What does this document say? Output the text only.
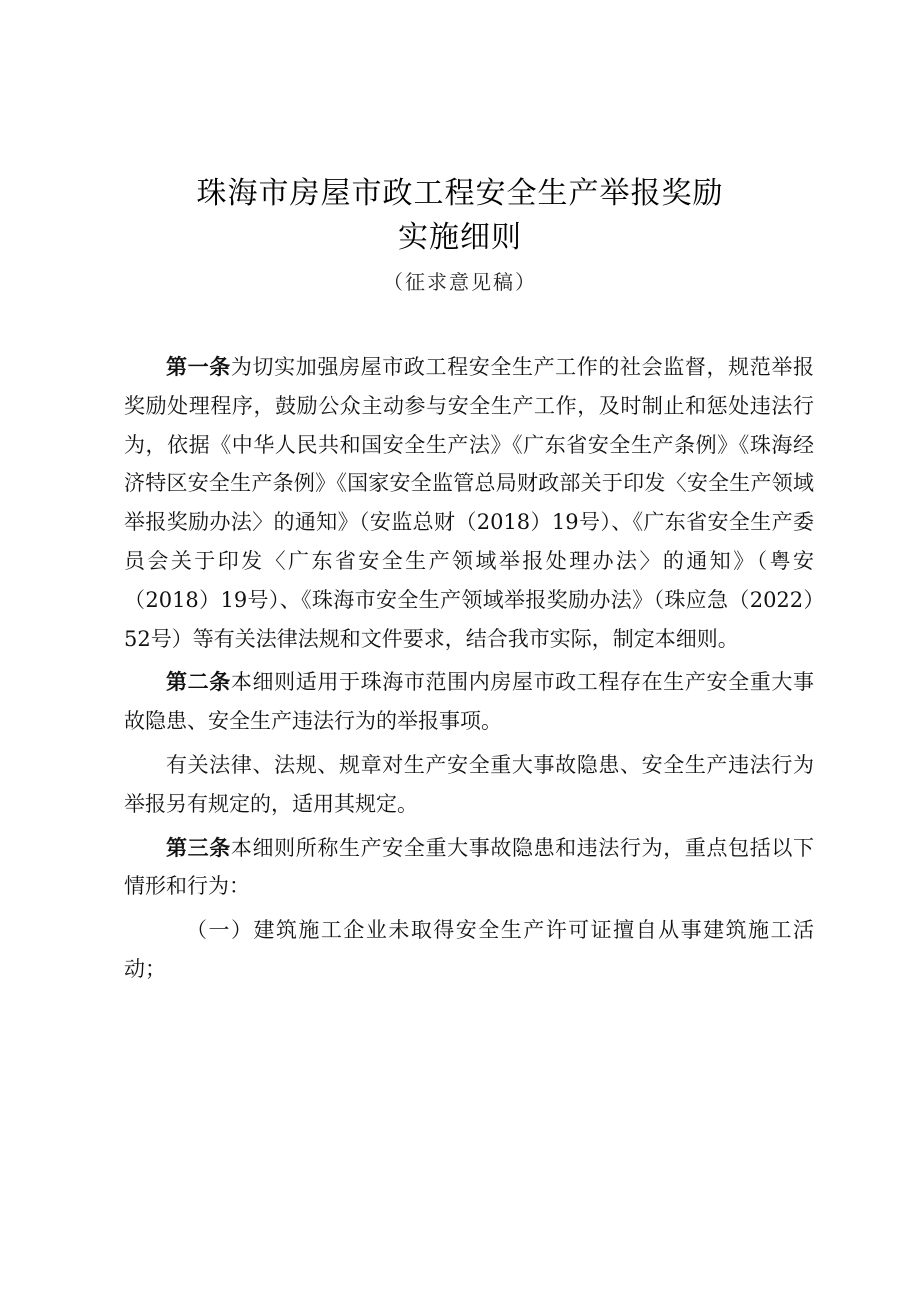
珠海市房屋市政工程安全生产举报奖励
实施细则
（征求意见稿）

第一条为切实加强房屋市政工程安全生产工作的社会监督，规范举报奖励处理程序，鼓励公众主动参与安全生产工作，及时制止和惩处违法行为，依据《中华人民共和国安全生产法》《广东省安全生产条例》《珠海经济特区安全生产条例》《国家安全监管总局财政部关于印发〈安全生产领域举报奖励办法〉的通知》（安监总财（2018）19号）、《广东省安全生产委员会关于印发〈广东省安全生产领域举报处理办法〉的通知》（粤安（2018）19号）、《珠海市安全生产领域举报奖励办法》（珠应急（2022）52号）等有关法律法规和文件要求，结合我市实际，制定本细则。

第二条本细则适用于珠海市范围内房屋市政工程存在生产安全重大事故隐患、安全生产违法行为的举报事项。

有关法律、法规、规章对生产安全重大事故隐患、安全生产违法行为举报另有规定的，适用其规定。

第三条本细则所称生产安全重大事故隐患和违法行为，重点包括以下情形和行为：

（一）建筑施工企业未取得安全生产许可证擅自从事建筑施工活动；
